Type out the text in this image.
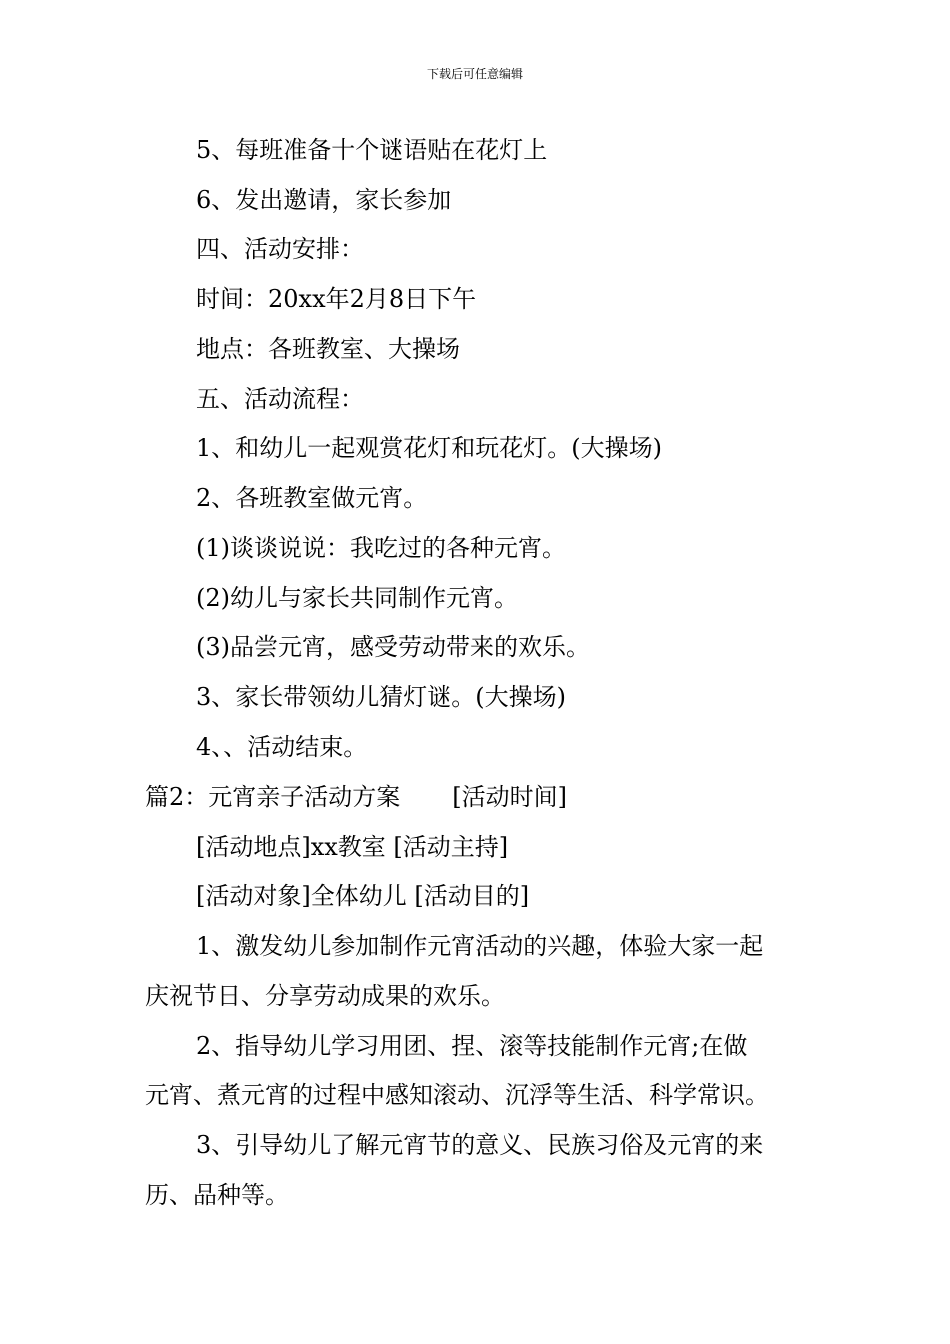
下载后可任意编辑
5、每班准备十个谜语贴在花灯上
6、发出邀请，家长参加
四、活动安排：
时间：20xx年2月8日下午
地点：各班教室、大操场
五、活动流程：
1、和幼儿一起观赏花灯和玩花灯。(大操场)
2、各班教室做元宵。
(1)谈谈说说：我吃过的各种元宵。
(2)幼儿与家长共同制作元宵。
(3)品尝元宵，感受劳动带来的欢乐。
3、家长带领幼儿猜灯谜。(大操场)
4、、活动结束。
篇2：元宵亲子活动方案 [活动时间]
[活动地点]xx教室 [活动主持]
[活动对象]全体幼儿 [活动目的]
1、激发幼儿参加制作元宵活动的兴趣，体验大家一起
庆祝节日、分享劳动成果的欢乐。
2、指导幼儿学习用团、捏、滚等技能制作元宵;在做
元宵、煮元宵的过程中感知滚动、沉浮等生活、科学常识。
3、引导幼儿了解元宵节的意义、民族习俗及元宵的来
历、品种等。
